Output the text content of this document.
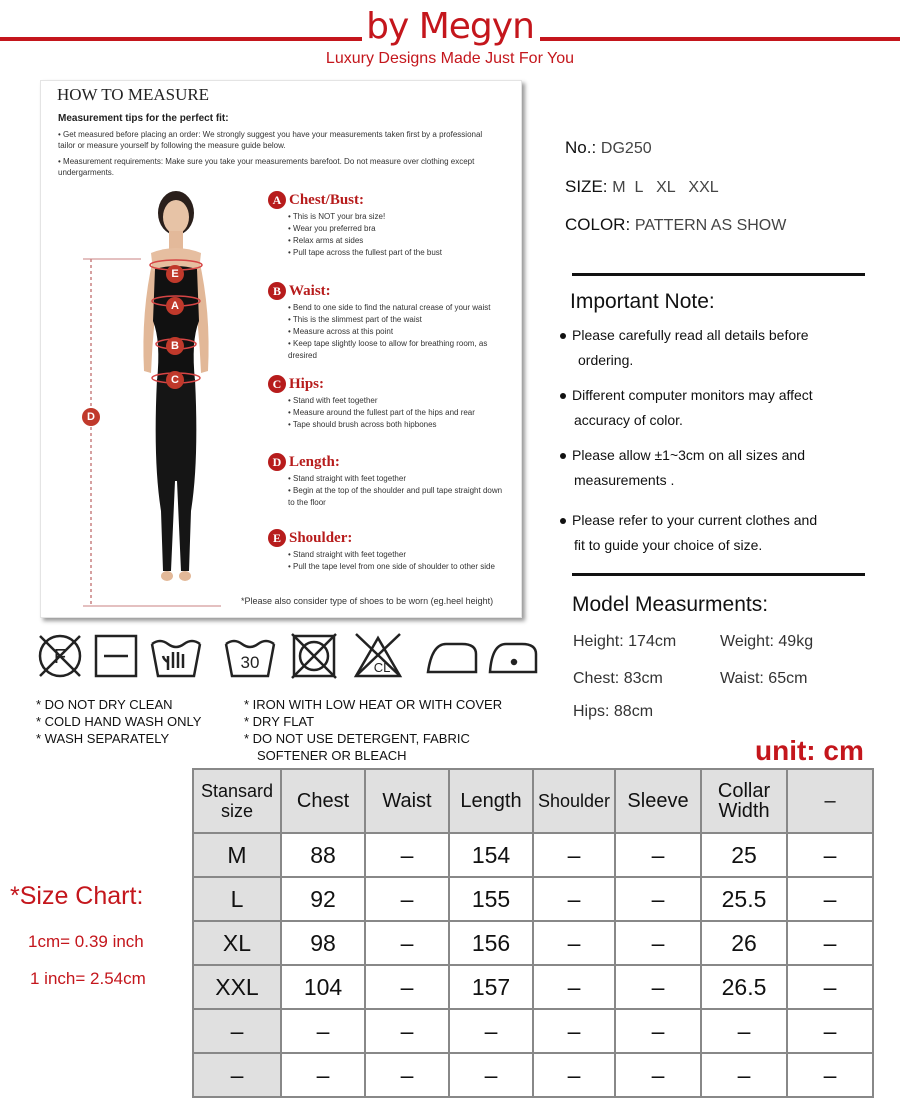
by Megyn
Luxury Designs Made Just For You
HOW TO MEASURE
Measurement tips for the perfect fit:
• Get measured before placing an order: We strongly suggest you have your measurements taken first by a professional tailor or measure yourself by following the measure guide below.
• Measurement requirements: Make sure you take your measurements barefoot. Do not measure over clothing except undergarments.
E
A
B
C
D
A Chest/Bust:
• This is NOT your bra size!
• Wear you preferred bra
• Relax arms at sides
• Pull tape across the fullest part of the bust
B Waist:
• Bend to one side to find the natural crease of your waist
• This is the slimmest part of the waist
• Measure across at this point
• Keep tape slightly loose to allow for breathing room, as dresired
C Hips:
• Stand with feet together
• Measure around the fullest part of the hips and rear
• Tape should brush across both hipbones
D Length:
• Stand straight with feet together
• Begin at the top of the shoulder and pull tape straight down to the floor
E Shoulder:
• Stand straight with feet together
• Pull the tape level from one side of shoulder to other side
*Please also consider type of shoes to be worn (eg.heel height)
No.: DG250
SIZE: M  L   XL   XXL
COLOR: PATTERN AS SHOW
Important Note:
Please carefully read all details before
ordering.
Different computer monitors may affect
accuracy of color.
Please allow ±1~3cm on all sizes and
measurements .
Please refer to your current clothes and
fit to guide your choice of size.
Model Measurments:
Height: 174cm	Weight: 49kg
Chest: 83cm	Waist: 65cm
Hips: 88cm
F	30	CL
* DO NOT DRY CLEAN
* COLD HAND WASH ONLY
* WASH SEPARATELY
* IRON WITH LOW HEAT OR WITH COVER
* DRY FLAT
* DO NOT USE DETERGENT, FABRIC
SOFTENER OR BLEACH	unit: cm
*Size Chart:
1cm= 0.39 inch
1 inch= 2.54cm
Stansard
size	Chest	Waist	Length	Shoulder	Sleeve	Collar
Width	–
M	88	–	154	–	–	25	–
L	92	–	155	–	–	25.5	–
XL	98	–	156	–	–	26	–
XXL	104	–	157	–	–	26.5	–
–	–	–	–	–	–	–	–
–	–	–	–	–	–	–	–
